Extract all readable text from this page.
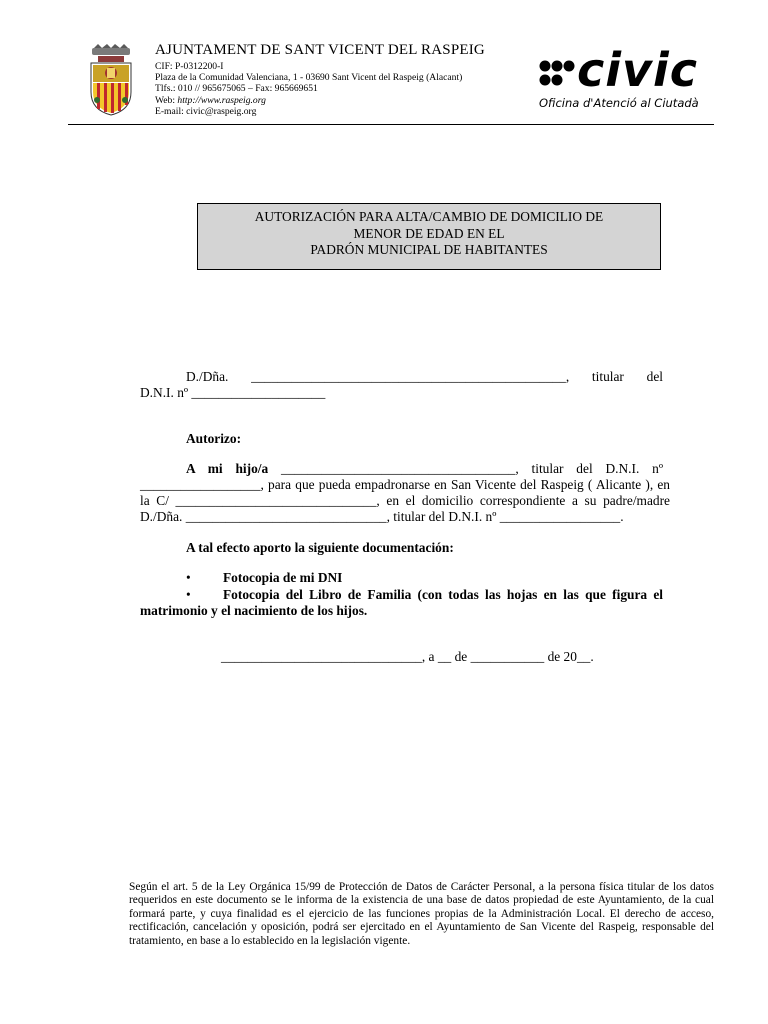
AJUNTAMENT DE SANT VICENT DEL RASPEIG
CIF: P-0312200-I
Plaza de la Comunidad Valenciana, 1 - 03690 Sant Vicent del Raspeig (Alacant)
Tlfs.: 010 // 965675065 – Fax: 965669651
Web: http://www.raspeig.org
E-mail: civic@raspeig.org
civic
Oficina d'Atenció al Ciutadà
AUTORIZACIÓN PARA ALTA/CAMBIO DE DOMICILIO DE
MENOR DE EDAD EN EL
PADRÓN MUNICIPAL DE HABITANTES
D./Dña. _______________________________________________, titular del
D.N.I. nº ____________________
Autorizo:
A mi hijo/a ___________________________________, titular del D.N.I. nº
__________________, para que pueda empadronarse en San Vicente del Raspeig ( Alicante ), en
la C/ ______________________________, en el domicilio correspondiente a su padre/madre
D./Dña. ______________________________, titular del D.N.I. nº __________________.
A tal efecto aporto la siguiente documentación:
• Fotocopia de mi DNI
• Fotocopia del Libro de Familia (con todas las hojas en las que figura el
matrimonio y el nacimiento de los hijos.
______________________________, a __ de ___________ de 20__.
Según el art. 5 de la Ley Orgánica 15/99 de Protección de Datos de Carácter Personal, a la persona física titular de los datos requeridos en este documento se le informa de la existencia de una base de datos propiedad de este Ayuntamiento, de la cual formará parte, y cuya finalidad es el ejercicio de las funciones propias de la Administración Local. El derecho de acceso, rectificación, cancelación y oposición, podrá ser ejercitado en el Ayuntamiento de San Vicente del Raspeig, responsable del tratamiento, en base a lo establecido en la legislación vigente.
